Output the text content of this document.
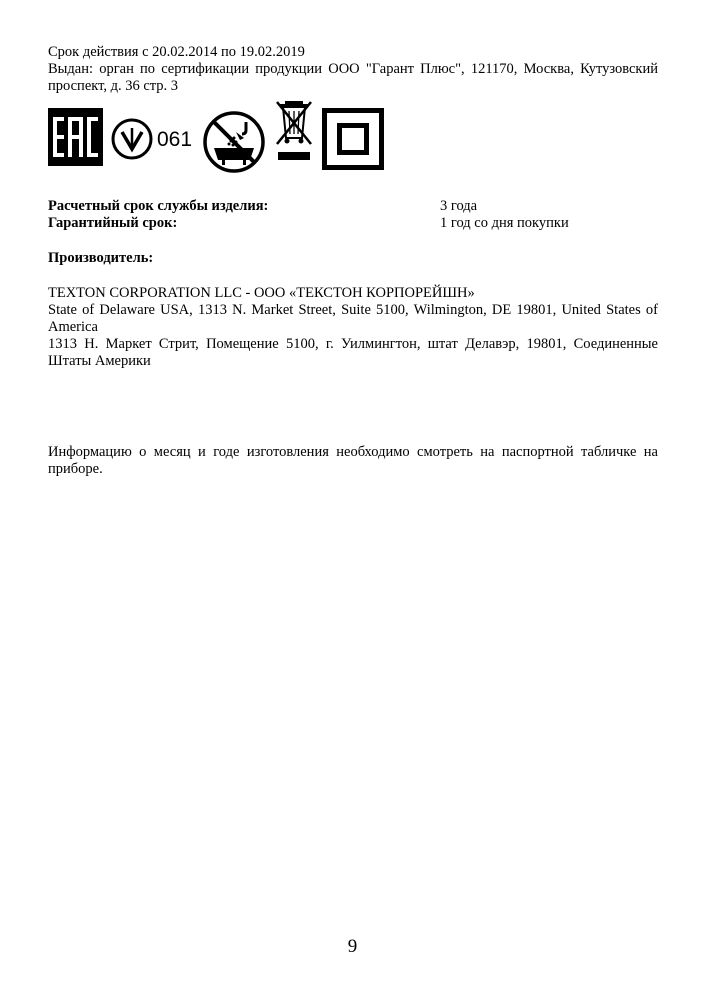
Срок действия с 20.02.2014 по 19.02.2019
Выдан: орган по сертификации продукции ООО "Гарант Плюс", 121170, Москва, Кутузовский проспект, д. 36 стр. 3
061
Расчетный срок службы изделия:	3 года
Гарантийный срок:	1 год со дня покупки
Производитель:
TEXTON CORPORATION LLC - ООО «ТЕКСТОН КОРПОРЕЙШН»
State of Delaware USA, 1313 N. Market Street, Suite 5100, Wilmington, DE 19801, United States of America
1313 Н. Маркет Стрит, Помещение 5100, г. Уилмингтон, штат Делавэр, 19801, Соединенные Штаты Америки
Информацию о месяц и годе изготовления необходимо смотреть на паспортной табличке на приборе.
9
